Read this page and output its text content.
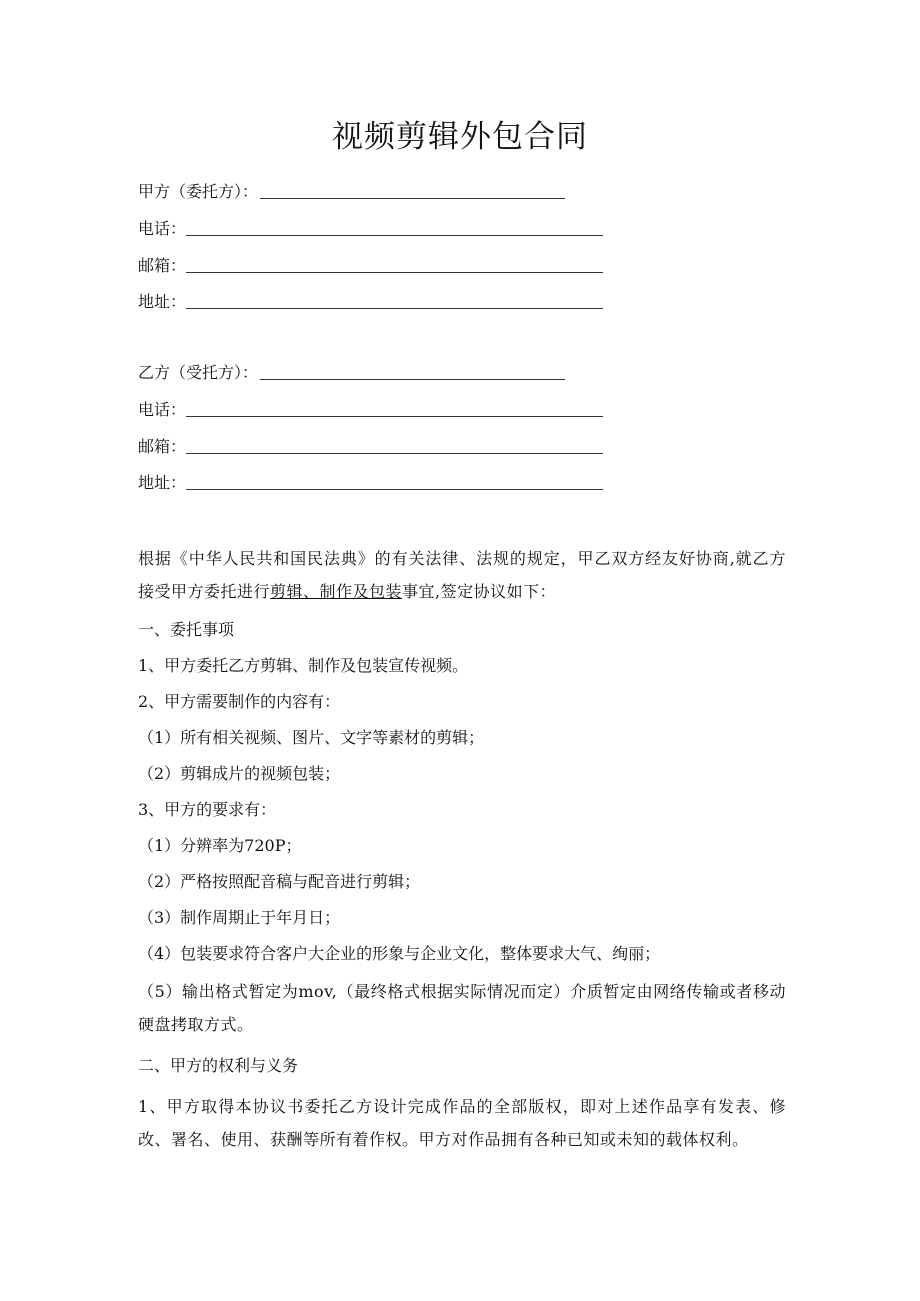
视频剪辑外包合同
甲方（委托方）：
电话：
邮箱：
地址：
乙方（受托方）：
电话：
邮箱：
地址：
根据《中华人民共和国民法典》的有关法律、法规的规定，甲乙双方经友好协商,就乙方接受甲方委托进行剪辑、制作及包装事宜,签定协议如下：
一、委托事项
1、甲方委托乙方剪辑、制作及包装宣传视频。
2、甲方需要制作的内容有：
（1）所有相关视频、图片、文字等素材的剪辑；
（2）剪辑成片的视频包装；
3、甲方的要求有：
（1）分辨率为720P；
（2）严格按照配音稿与配音进行剪辑；
（3）制作周期止于年月日；
（4）包装要求符合客户大企业的形象与企业文化，整体要求大气、绚丽；
（5）输出格式暂定为mov,（最终格式根据实际情况而定）介质暂定由网络传输或者移动硬盘拷取方式。
二、甲方的权利与义务
1、甲方取得本协议书委托乙方设计完成作品的全部版权，即对上述作品享有发表、修改、署名、使用、获酬等所有着作权。甲方对作品拥有各种已知或未知的载体权利。
